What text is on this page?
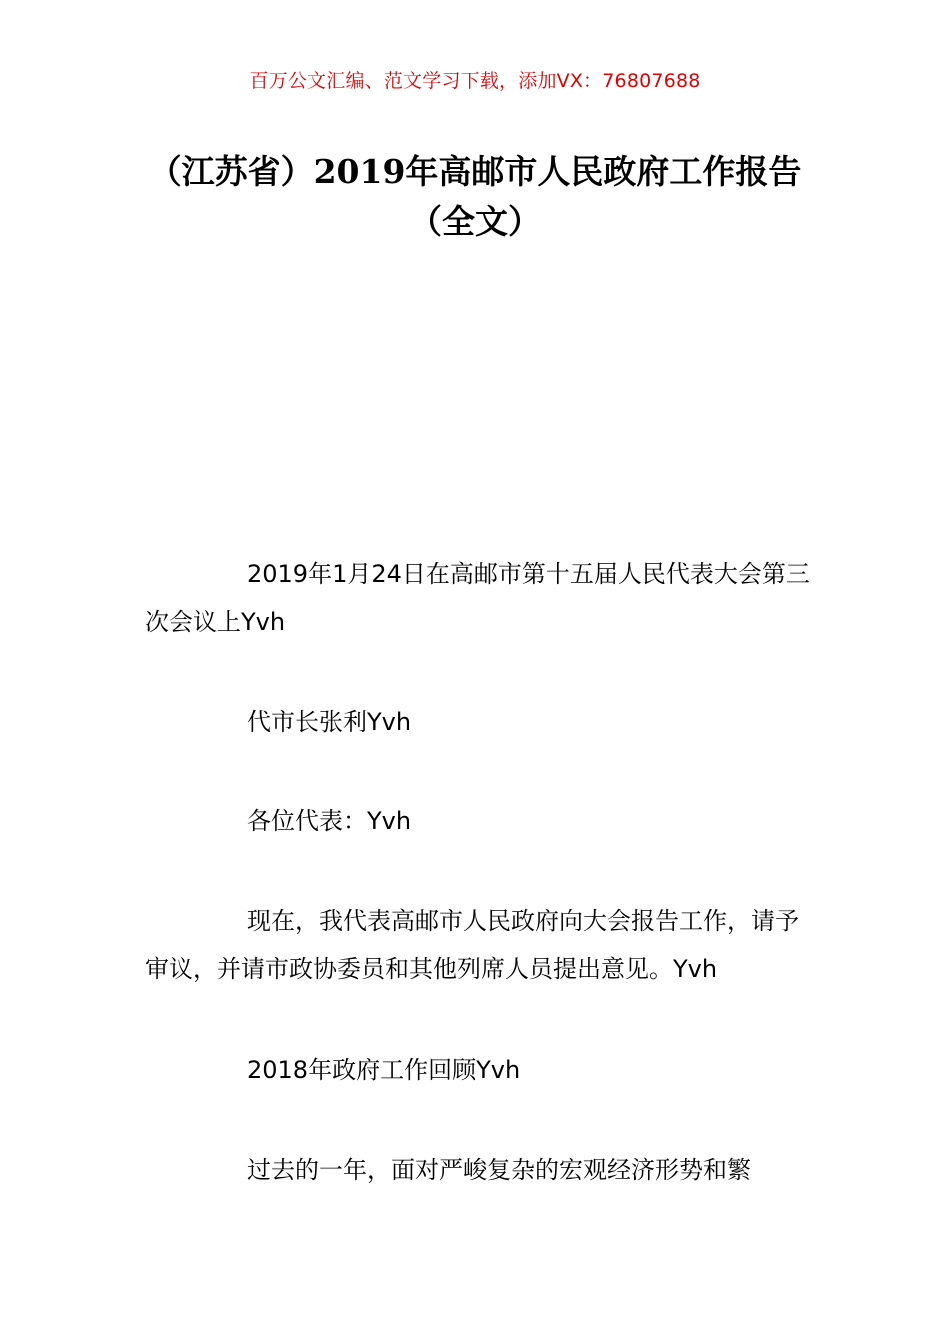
百万公文汇编、范文学习下载，添加VX：76807688
（江苏省）2019年高邮市人民政府工作报告（全文）

2019年1月24日在高邮市第十五届人民代表大会第三次会议上Yvh

代市长张利Yvh

各位代表：Yvh

现在，我代表高邮市人民政府向大会报告工作，请予审议，并请市政协委员和其他列席人员提出意见。Yvh

2018年政府工作回顾Yvh

过去的一年，面对严峻复杂的宏观经济形势和繁
